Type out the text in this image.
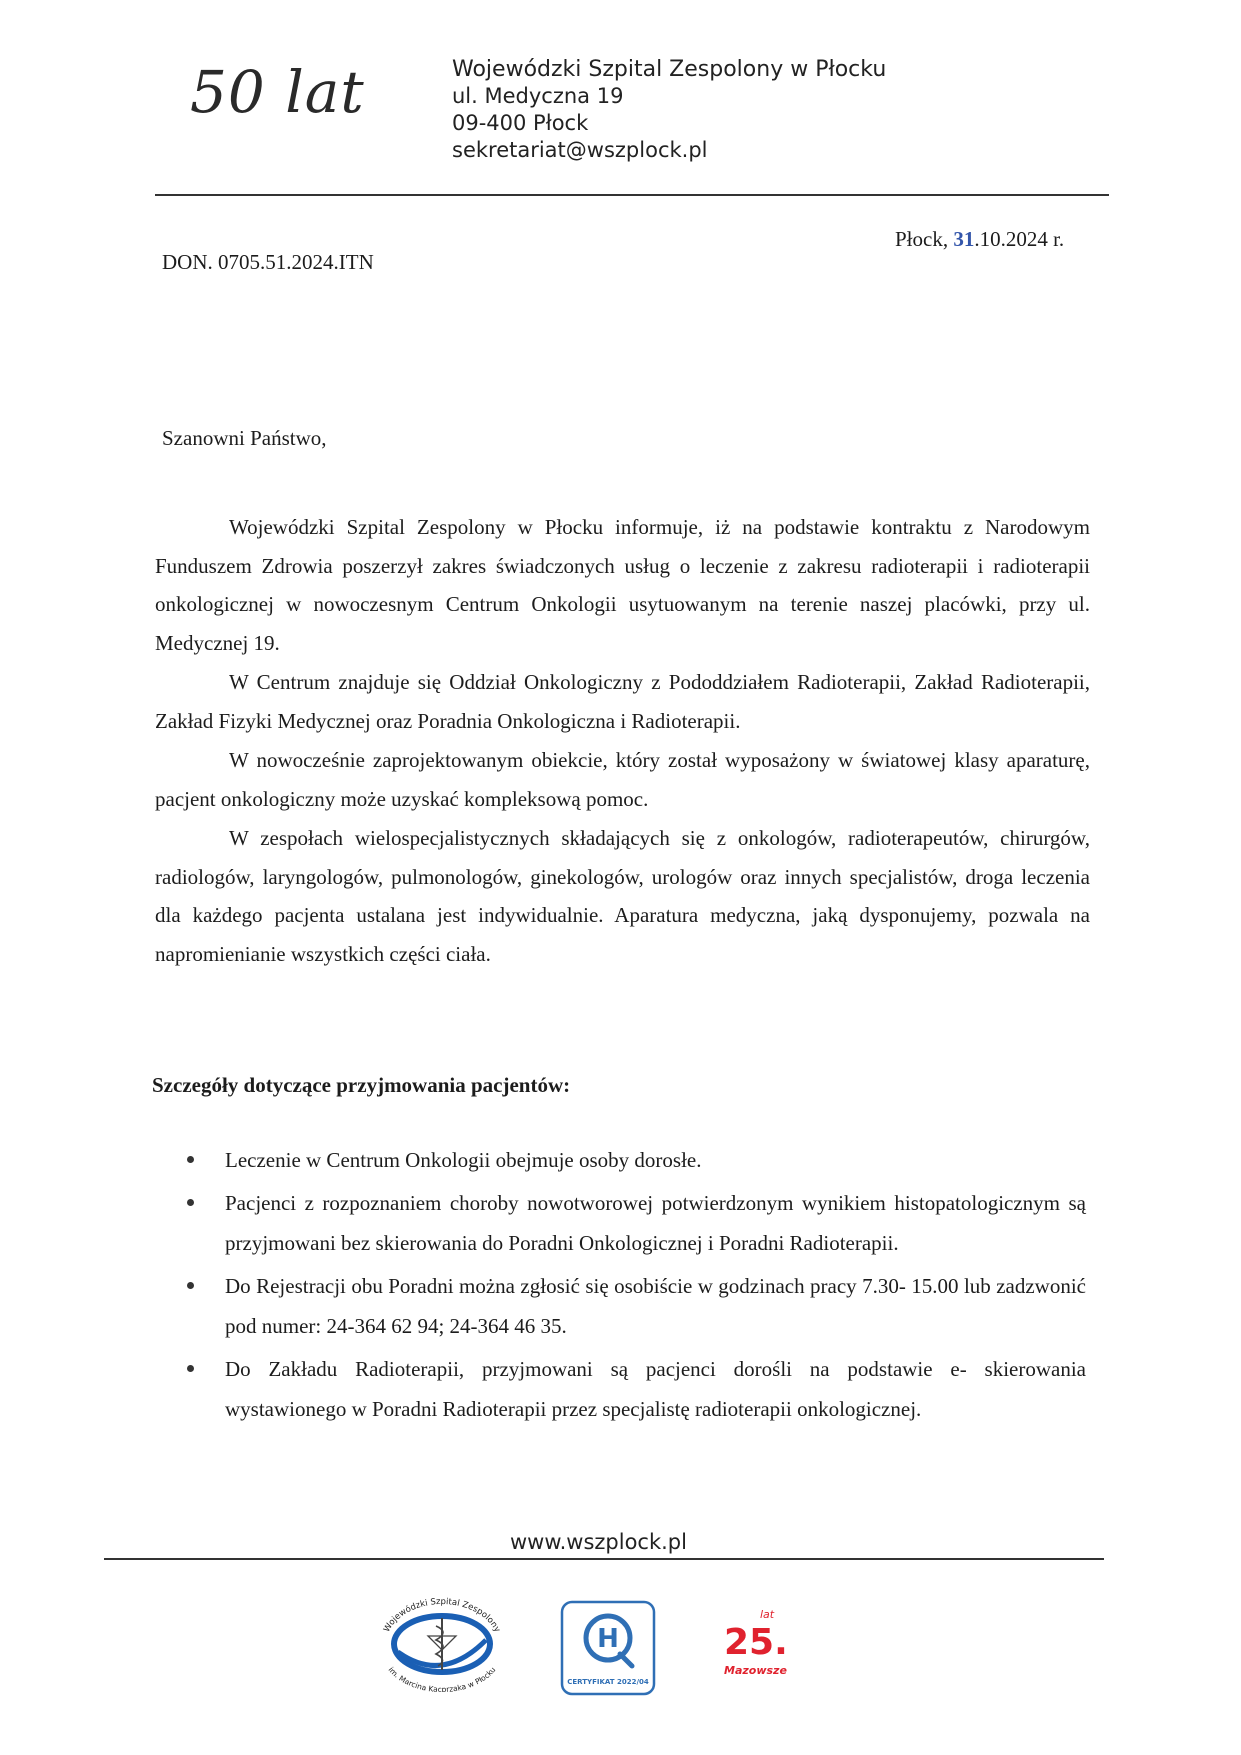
50 lat	Wojewódzki Szpital Zespolony w Płocku
ul. Medyczna 19
09-400 Płock
sekretariat@wszplock.pl
DON. 0705.51.2024.ITN
Płock, 31.10.2024 r.
Szanowni Państwo,

Wojewódzki Szpital Zespolony w Płocku informuje, iż na podstawie kontraktu z Narodowym Funduszem Zdrowia poszerzył zakres świadczonych usług o leczenie z zakresu radioterapii i radioterapii onkologicznej w nowoczesnym Centrum Onkologii usytuowanym na terenie naszej placówki, przy ul. Medycznej 19.

W Centrum znajduje się Oddział Onkologiczny z Pododdziałem Radioterapii, Zakład Radioterapii, Zakład Fizyki Medycznej oraz Poradnia Onkologiczna i Radioterapii.

W nowocześnie zaprojektowanym obiekcie, który został wyposażony w światowej klasy aparaturę, pacjent onkologiczny może uzyskać kompleksową pomoc.

W zespołach wielospecjalistycznych składających się z onkologów, radioterapeutów, chirurgów, radiologów, laryngologów, pulmonologów, ginekologów, urologów oraz innych specjalistów, droga leczenia dla każdego pacjenta ustalana jest indywidualnie. Aparatura medyczna, jaką dysponujemy, pozwala na napromienianie wszystkich części ciała.

Szczegóły dotyczące przyjmowania pacjentów:
Leczenie w Centrum Onkologii obejmuje osoby dorosłe.
Pacjenci z rozpoznaniem choroby nowotworowej potwierdzonym wynikiem histopatologicznym są przyjmowani bez skierowania do Poradni Onkologicznej i Poradni Radioterapii.
Do Rejestracji obu Poradni można zgłosić się osobiście w godzinach pracy 7.30- 15.00 lub zadzwonić pod numer: 24-364 62 94; 24-364 46 35.
Do Zakładu Radioterapii, przyjmowani są pacjenci dorośli na podstawie e- skierowania wystawionego w Poradni Radioterapii przez specjalistę radioterapii onkologicznej.
www.wszplock.pl
Wojewódzki Szpital Zespolony
im. Marcina Kacprzaka w Płocku
H
CERTYFIKAT 2022/04
lat
25.
Mazowsze
